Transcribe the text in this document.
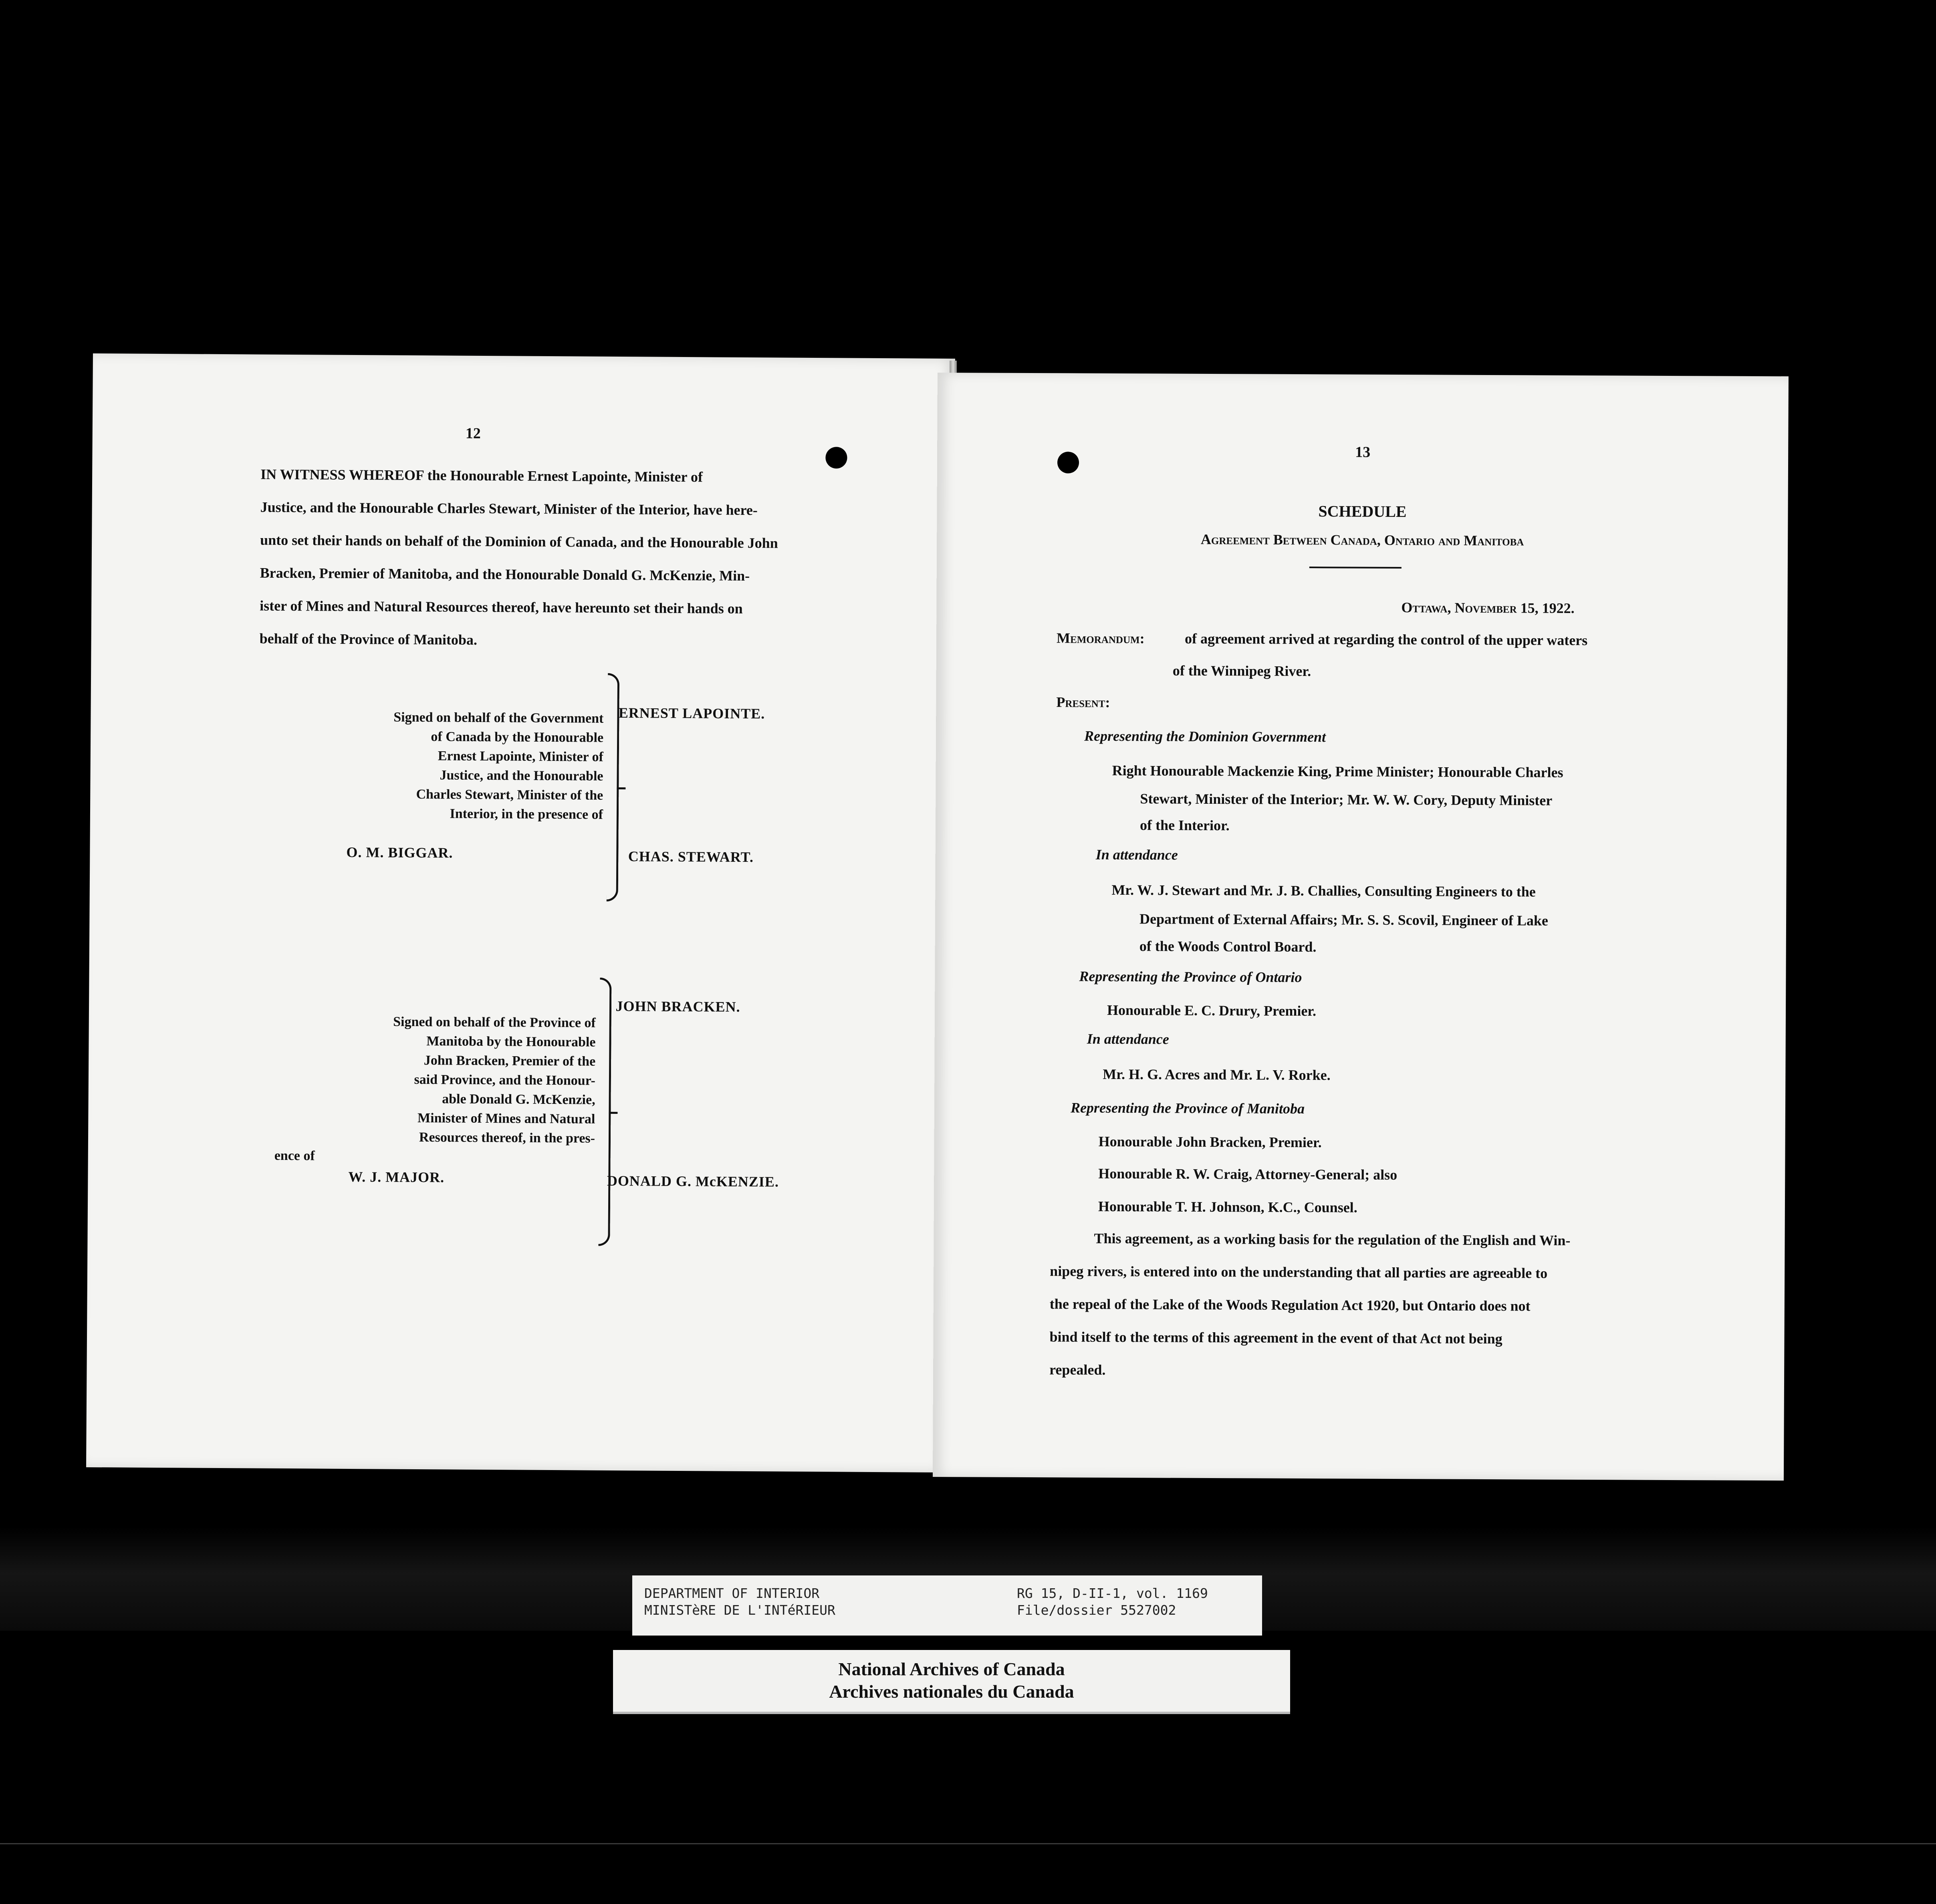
12
IN WITNESS WHEREOF the Honourable Ernest Lapointe, Minister of
Justice, and the Honourable Charles Stewart, Minister of the Interior, have here-
unto set their hands on behalf of the Dominion of Canada, and the Honourable John
Bracken, Premier of Manitoba, and the Honourable Donald G. McKenzie, Min-
ister of Mines and Natural Resources thereof, have hereunto set their hands on
behalf of the Province of Manitoba.
Signed on behalf of the Government
of Canada by the Honourable
Ernest Lapointe, Minister of
Justice, and the Honourable
Charles Stewart, Minister of the
Interior, in the presence of
O. M. BIGGAR.
ERNEST LAPOINTE.
CHAS. STEWART.
Signed on behalf of the Province of
Manitoba by the Honourable
John Bracken, Premier of the
said Province, and the Honour-
able Donald G. McKenzie,
Minister of Mines and Natural
Resources thereof, in the pres-
ence of
W. J. MAJOR.
JOHN BRACKEN.
DONALD G. McKENZIE.
13
SCHEDULE
Agreement Between Canada, Ontario and Manitoba
Ottawa, November 15, 1922.
Memorandum:	of agreement arrived at regarding the control of the upper waters
of the Winnipeg River.
Present:
Representing the Dominion Government
Right Honourable Mackenzie King, Prime Minister; Honourable Charles
Stewart, Minister of the Interior; Mr. W. W. Cory, Deputy Minister
of the Interior.
In attendance
Mr. W. J. Stewart and Mr. J. B. Challies, Consulting Engineers to the
Department of External Affairs; Mr. S. S. Scovil, Engineer of Lake
of the Woods Control Board.
Representing the Province of Ontario
Honourable E. C. Drury, Premier.
In attendance
Mr. H. G. Acres and Mr. L. V. Rorke.
Representing the Province of Manitoba
Honourable John Bracken, Premier.
Honourable R. W. Craig, Attorney-General; also
Honourable T. H. Johnson, K.C., Counsel.
This agreement, as a working basis for the regulation of the English and Win-
nipeg rivers, is entered into on the understanding that all parties are agreeable to
the repeal of the Lake of the Woods Regulation Act 1920, but Ontario does not
bind itself to the terms of this agreement in the event of that Act not being
repealed.
DEPARTMENT OF INTERIOR
MINISTèRE DE L'INTéRIEUR
RG 15, D-II-1, vol. 1169
File/dossier 5527002
National Archives of Canada
Archives nationales du Canada
